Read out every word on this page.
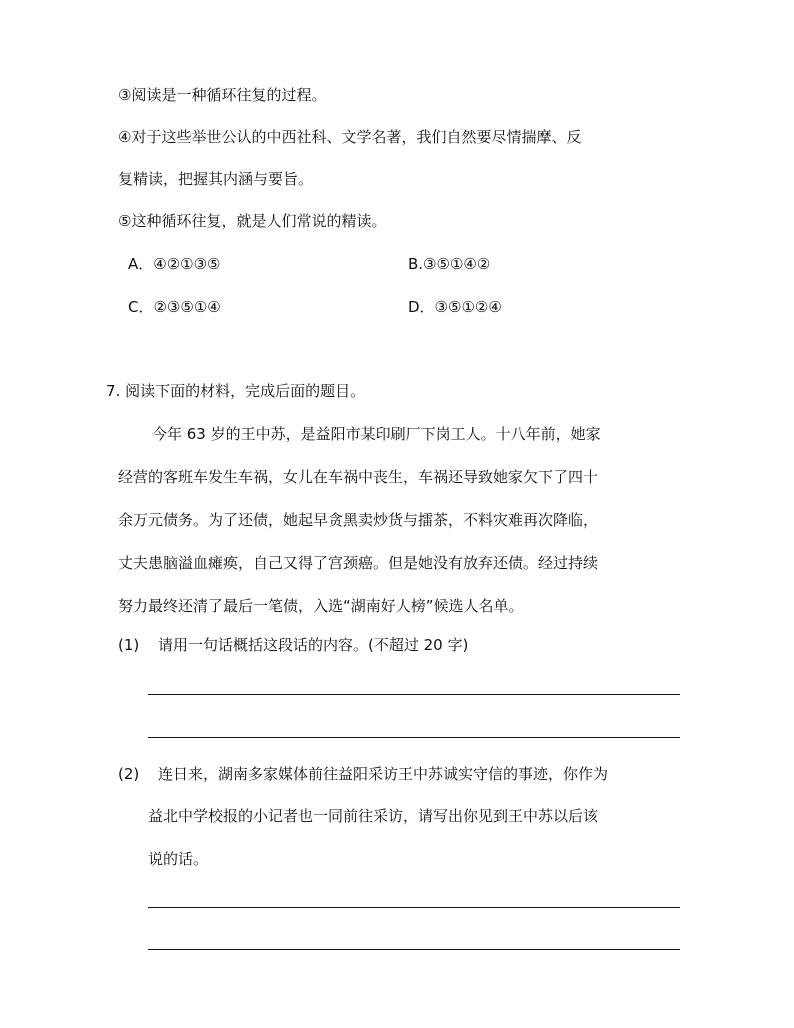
③阅读是一种循环往复的过程。
④对于这些举世公认的中西社科、文学名著，我们自然要尽情揣摩、反
复精读，把握其内涵与要旨。
⑤这种循环往复，就是人们常说的精读。
A．④②①③⑤	B.③⑤①④②
C．②③⑤①④	D．③⑤①②④
7. 阅读下面的材料，完成后面的题目。
今年 63 岁的王中苏，是益阳市某印刷厂下岗工人。十八年前，她家
经营的客班车发生车祸，女儿在车祸中丧生，车祸还导致她家欠下了四十
余万元债务。为了还债，她起早贪黑卖炒货与擂茶，不料灾难再次降临，
丈夫患脑溢血瘫痪，自己又得了宫颈癌。但是她没有放弃还债。经过持续
努力最终还清了最后一笔债，入选“湖南好人榜”候选人名单。
(1) 请用一句话概括这段话的内容。(不超过 20 字)
(2) 连日来，湖南多家媒体前往益阳采访王中苏诚实守信的事迹，你作为
益北中学校报的小记者也一同前往采访，请写出你见到王中苏以后该
说的话。
